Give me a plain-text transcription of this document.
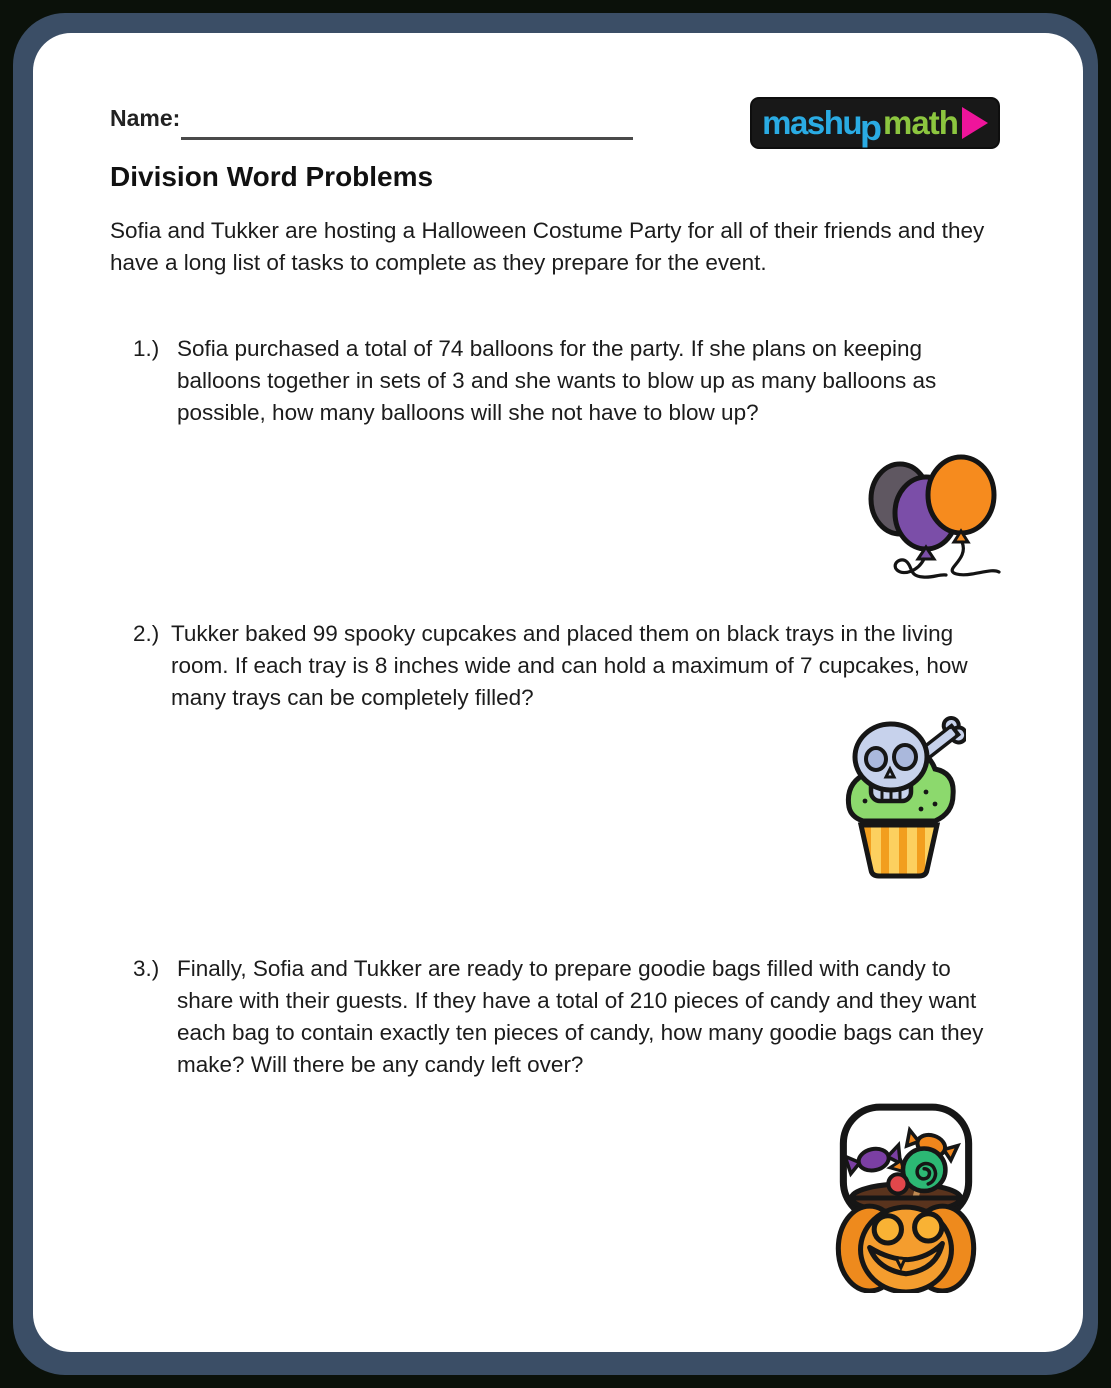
Name:	mashu p math
Division Word Problems

Sofia and Tukker are hosting a Halloween Costume Party for all of their friends and they have a long list of tasks to complete as they prepare for the event.

1.) Sofia purchased a total of 74 balloons for the party. If she plans on keeping balloons together in sets of 3 and she wants to blow up as many balloons as possible, how many balloons will she not have to blow up?

2.) Tukker baked 99 spooky cupcakes and placed them on black trays in the living room. If each tray is 8 inches wide and can hold a maximum of 7 cupcakes, how many trays can be completely filled?

3.) Finally, Sofia and Tukker are ready to prepare goodie bags filled with candy to share with their guests. If they have a total of 210 pieces of candy and they want each bag to contain exactly ten pieces of candy, how many goodie bags can they make? Will there be any candy left over?
